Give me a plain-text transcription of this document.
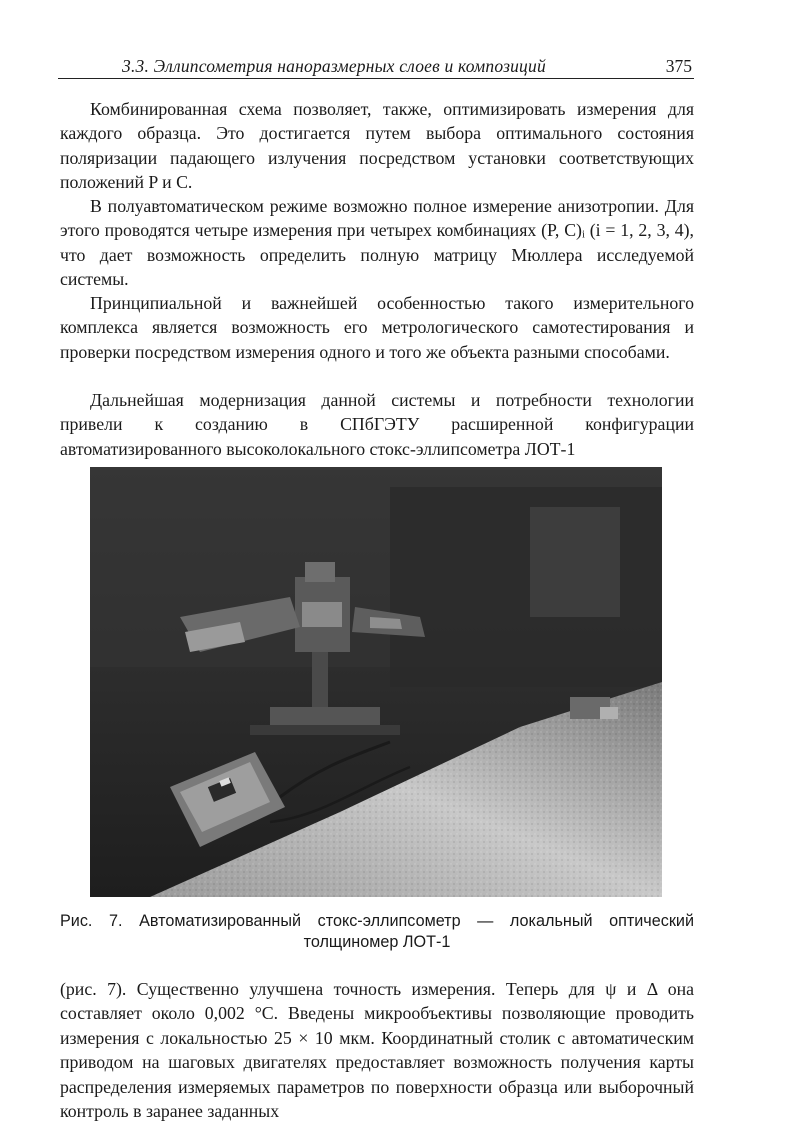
3.3. Эллипсометрия наноразмерных слоев и композиций	375

Комбинированная схема позволяет, также, оптимизировать измерения для каждого образца. Это достигается путем выбора оптимального состояния поляризации падающего излучения посредством установки соответствующих положений P и C.

В полуавтоматическом режиме возможно полное измерение анизотропии. Для этого проводятся четыре измерения при четырех комбинациях (P, C)ᵢ (i = 1, 2, 3, 4), что дает возможность определить полную матрицу Мюллера исследуемой системы.

Принципиальной и важнейшей особенностью такого измерительного комплекса является возможность его метрологического самотестирования и проверки посредством измерения одного и того же объекта разными способами.

Дальнейшая модернизация данной системы и потребности технологии привели к созданию в СПбГЭТУ расширенной конфигурации автоматизированного высоколокального стокс-эллипсометра ЛОТ-1

Рис. 7. Автоматизированный стокс-эллипсометр — локальный оптический
толщиномер ЛОТ-1

(рис. 7). Существенно улучшена точность измерения. Теперь для ψ и Δ она составляет около 0,002 °C. Введены микрообъективы позволяющие проводить измерения с локальностью 25 × 10 мкм. Координатный столик с автоматическим приводом на шаговых двигателях предоставляет возможность получения карты распределения измеряемых параметров по поверхности образца или выборочный контроль в заранее заданных
